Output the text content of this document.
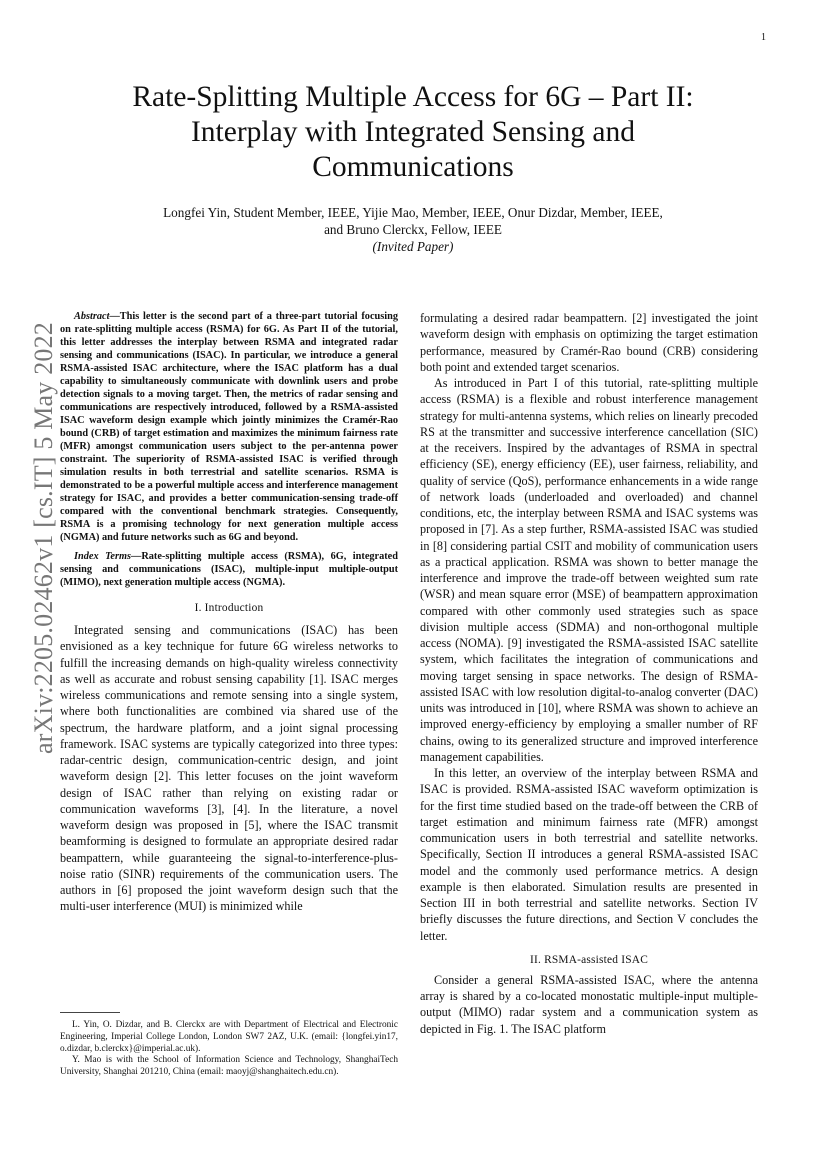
1
arXiv:2205.02462v1 [cs.IT] 5 May 2022
Rate-Splitting Multiple Access for 6G – Part II:
Interplay with Integrated Sensing and
Communications
Longfei Yin, Student Member, IEEE, Yijie Mao, Member, IEEE, Onur Dizdar, Member, IEEE,
and Bruno Clerckx, Fellow, IEEE
(Invited Paper)

Abstract—This letter is the second part of a three-part tutorial focusing on rate-splitting multiple access (RSMA) for 6G. As Part II of the tutorial, this letter addresses the interplay between RSMA and integrated radar sensing and communications (ISAC). In particular, we introduce a general RSMA-assisted ISAC architecture, where the ISAC platform has a dual capability to simultaneously communicate with downlink users and probe detection signals to a moving target. Then, the metrics of radar sensing and communications are respectively introduced, followed by a RSMA-assisted ISAC waveform design example which jointly minimizes the Cramér-Rao bound (CRB) of target estimation and maximizes the minimum fairness rate (MFR) amongst communication users subject to the per-antenna power constraint. The superiority of RSMA-assisted ISAC is verified through simulation results in both terrestrial and satellite scenarios. RSMA is demonstrated to be a powerful multiple access and interference management strategy for ISAC, and provides a better communication-sensing trade-off compared with the conventional benchmark strategies. Consequently, RSMA is a promising technology for next generation multiple access (NGMA) and future networks such as 6G and beyond.

Index Terms—Rate-splitting multiple access (RSMA), 6G, integrated sensing and communications (ISAC), multiple-input multiple-output (MIMO), next generation multiple access (NGMA).

I. Introduction

Integrated sensing and communications (ISAC) has been envisioned as a key technique for future 6G wireless networks to fulfill the increasing demands on high-quality wireless connectivity as well as accurate and robust sensing capability [1]. ISAC merges wireless communications and remote sensing into a single system, where both functionalities are combined via shared use of the spectrum, the hardware platform, and a joint signal processing framework. ISAC systems are typically categorized into three types: radar-centric design, communication-centric design, and joint waveform design [2]. This letter focuses on the joint waveform design of ISAC rather than relying on existing radar or communication waveforms [3], [4]. In the literature, a novel waveform design was proposed in [5], where the ISAC transmit beamforming is designed to formulate an appropriate desired radar beampattern, while guaranteeing the signal-to-interference-plus-noise ratio (SINR) requirements of the communication users. The authors in [6] proposed the joint waveform design such that the multi-user interference (MUI) is minimized while

formulating a desired radar beampattern. [2] investigated the joint waveform design with emphasis on optimizing the target estimation performance, measured by Cramér-Rao bound (CRB) considering both point and extended target scenarios.

As introduced in Part I of this tutorial, rate-splitting multiple access (RSMA) is a flexible and robust interference management strategy for multi-antenna systems, which relies on linearly precoded RS at the transmitter and successive interference cancellation (SIC) at the receivers. Inspired by the advantages of RSMA in spectral efficiency (SE), energy efficiency (EE), user fairness, reliability, and quality of service (QoS), performance enhancements in a wide range of network loads (underloaded and overloaded) and channel conditions, etc, the interplay between RSMA and ISAC systems was proposed in [7]. As a step further, RSMA-assisted ISAC was studied in [8] considering partial CSIT and mobility of communication users as a practical application. RSMA was shown to better manage the interference and improve the trade-off between weighted sum rate (WSR) and mean square error (MSE) of beampattern approximation compared with other commonly used strategies such as space division multiple access (SDMA) and non-orthogonal multiple access (NOMA). [9] investigated the RSMA-assisted ISAC satellite system, which facilitates the integration of communications and moving target sensing in space networks. The design of RSMA-assisted ISAC with low resolution digital-to-analog converter (DAC) units was introduced in [10], where RSMA was shown to achieve an improved energy-efficiency by employing a smaller number of RF chains, owing to its generalized structure and improved interference management capabilities.

In this letter, an overview of the interplay between RSMA and ISAC is provided. RSMA-assisted ISAC waveform optimization is for the first time studied based on the trade-off between the CRB of target estimation and minimum fairness rate (MFR) amongst communication users in both terrestrial and satellite networks. Specifically, Section II introduces a general RSMA-assisted ISAC model and the commonly used performance metrics. A design example is then elaborated. Simulation results are presented in Section III in both terrestrial and satellite networks. Section IV briefly discusses the future directions, and Section V concludes the letter.

II. RSMA-assisted ISAC

Consider a general RSMA-assisted ISAC, where the antenna array is shared by a co-located monostatic multiple-input multiple-output (MIMO) radar system and a communication system as depicted in Fig. 1. The ISAC platform

L. Yin, O. Dizdar, and B. Clerckx are with Department of Electrical and Electronic Engineering, Imperial College London, London SW7 2AZ, U.K. (email: {longfei.yin17, o.dizdar, b.clerckx}@imperial.ac.uk).

Y. Mao is with the School of Information Science and Technology, ShanghaiTech University, Shanghai 201210, China (email: maoyj@shanghaitech.edu.cn).
